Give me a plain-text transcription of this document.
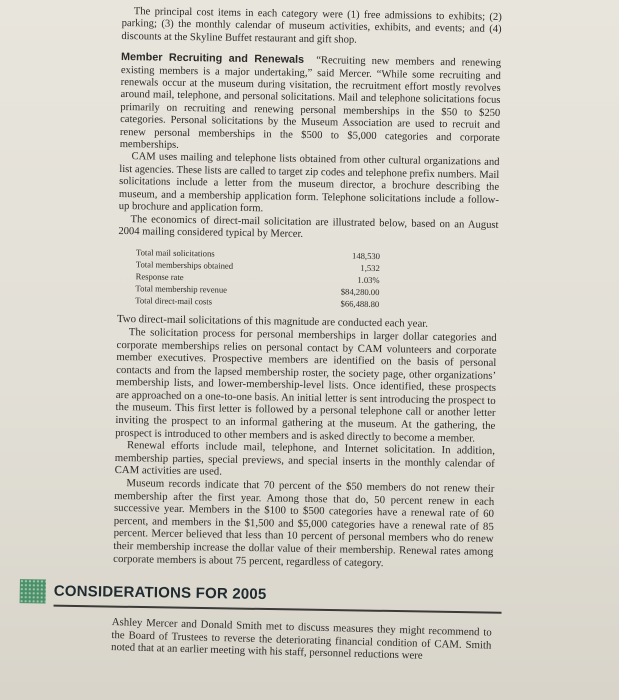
The principal cost items in each category were (1) free admissions to exhibits; (2) parking; (3) the monthly calendar of museum activities, exhibits, and events; and (4) discounts at the Skyline Buffet restaurant and gift shop.

Member Recruiting and Renewals “Recruiting new members and renewing existing members is a major undertaking,” said Mercer. “While some recruiting and renewals occur at the museum during visitation, the recruitment effort mostly revolves around mail, telephone, and personal solicitations. Mail and telephone solicitations focus primarily on recruiting and renewing personal memberships in the $50 to $250 categories. Personal solicitations by the Museum Association are used to recruit and renew personal memberships in the $500 to $5,000 categories and corporate memberships.

CAM uses mailing and telephone lists obtained from other cultural organizations and list agencies. These lists are called to target zip codes and telephone prefix numbers. Mail solicitations include a letter from the museum director, a brochure describing the museum, and a membership application form. Telephone solicitations include a follow-up brochure and application form.

The economics of direct-mail solicitation are illustrated below, based on an August 2004 mailing considered typical by Mercer.

Total mail solicitations	148,530
Total memberships obtained	1,532
Response rate	1.03%
Total membership revenue	$84,280.00
Total direct-mail costs	$66,488.80

Two direct-mail solicitations of this magnitude are conducted each year.

The solicitation process for personal memberships in larger dollar categories and corporate memberships relies on personal contact by CAM volunteers and corporate member executives. Prospective members are identified on the basis of personal contacts and from the lapsed membership roster, the society page, other organizations’ membership lists, and lower-membership-level lists. Once identified, these prospects are approached on a one-to-one basis. An initial letter is sent introducing the prospect to the museum. This first letter is followed by a personal telephone call or another letter inviting the prospect to an informal gathering at the museum. At the gathering, the prospect is introduced to other members and is asked directly to become a member.

Renewal efforts include mail, telephone, and Internet solicitation. In addition, membership parties, special previews, and special inserts in the monthly calendar of CAM activities are used.

Museum records indicate that 70 percent of the $50 members do not renew their membership after the first year. Among those that do, 50 percent renew in each successive year. Members in the $100 to $500 categories have a renewal rate of 60 percent, and members in the $1,500 and $5,000 categories have a renewal rate of 85 percent. Mercer believed that less than 10 percent of personal members who do renew their membership increase the dollar value of their membership. Renewal rates among corporate members is about 75 percent, regardless of category.

CONSIDERATIONS FOR 2005

Ashley Mercer and Donald Smith met to discuss measures they might recommend to the Board of Trustees to reverse the deteriorating financial condition of CAM. Smith noted that at an earlier meeting with his staff, personnel reductions were
